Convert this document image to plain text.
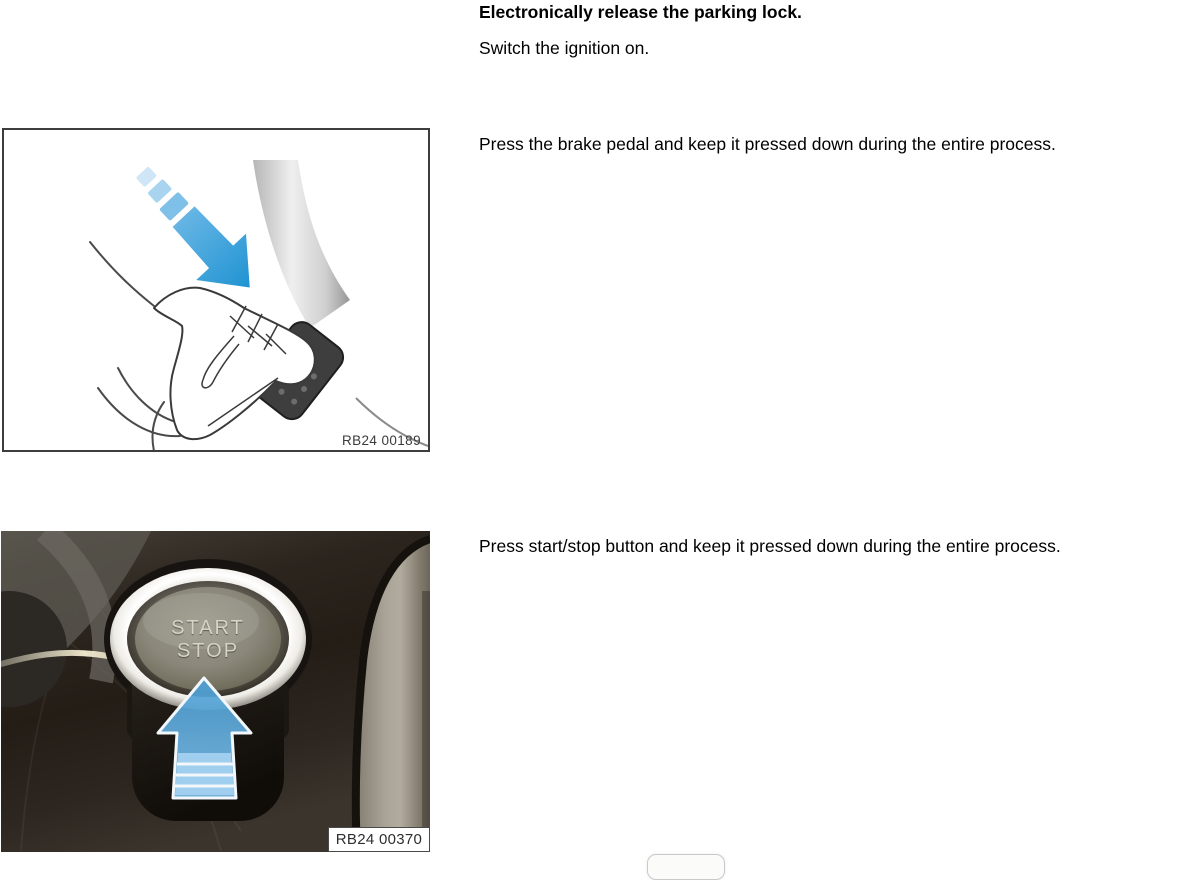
Electronically release the parking lock.

Switch the ignition on.

RB24 00189

Press the brake pedal and keep it pressed down during the entire process.

START
STOP
RB24 00370

Press start/stop button and keep it pressed down during the entire process.
